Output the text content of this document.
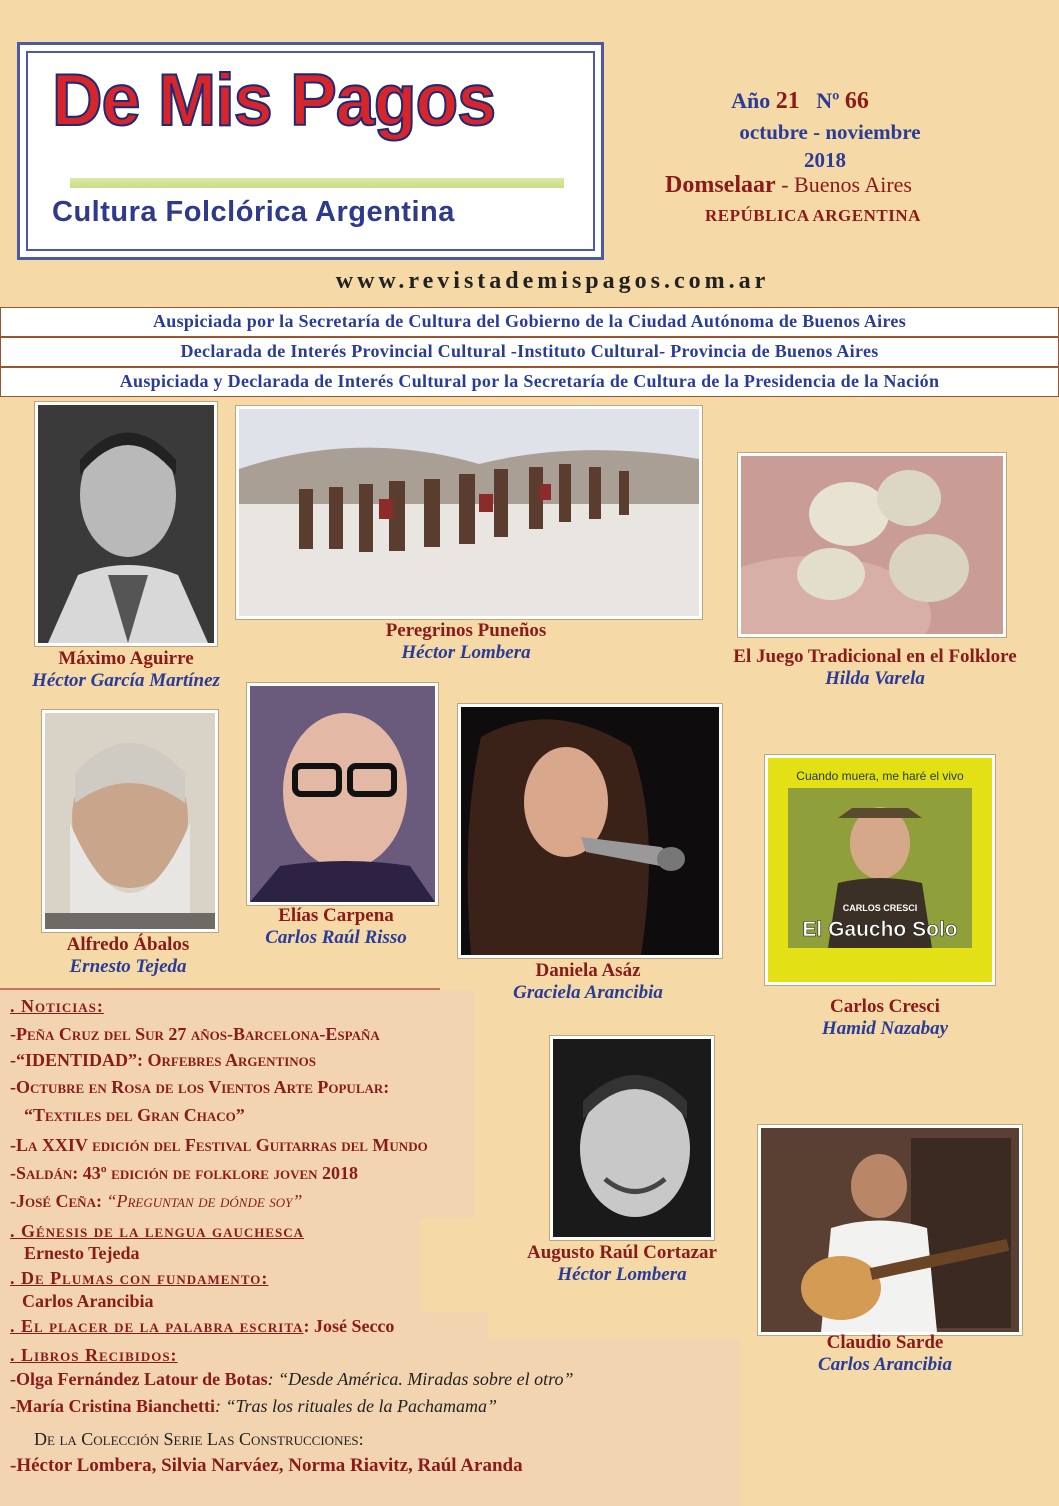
De Mis Pagos
Cultura Folclórica Argentina
Año 21 Nº 66
octubre - noviembre
2018
Domselaar - Buenos Aires
REPÚBLICA ARGENTINA
www.revistademispagos.com.ar
Auspiciada por la Secretaría de Cultura del Gobierno de la Ciudad Autónoma de Buenos Aires
Declarada de Interés Provincial Cultural -Instituto Cultural- Provincia de Buenos Aires
Auspiciada y Declarada de Interés Cultural por la Secretaría de Cultura de la Presidencia de la Nación
Cuando muera, me haré el vivo
CARLOS CRESCI
El Gaucho Solo
Máximo Aguirre
Héctor García Martínez
Peregrinos Puneños
Héctor Lombera	El Juego Tradicional en el Folklore
Hilda Varela
Alfredo Ábalos
Ernesto Tejeda
Elías Carpena
Carlos Raúl Risso
Daniela Asáz
Graciela Arancibia
Carlos Cresci
Hamid Nazabay
Augusto Raúl Cortazar
Héctor Lombera
Claudio Sarde
Carlos Arancibia
. Noticias:
-Peña Cruz del Sur 27 años-Barcelona-España
-“IDENTIDAD”: Orfebres Argentinos
-Octubre en Rosa de los Vientos Arte Popular:
“Textiles del Gran Chaco”
-La XXIV edición del Festival Guitarras del Mundo
-Saldán: 43º edición de folklore joven 2018
-José Ceña: “Preguntan de dónde soy”
. Génesis de la lengua gauchesca
Ernesto Tejeda
. De Plumas con fundamento:
Carlos Arancibia
. El placer de la palabra escrita: José Secco
. Libros Recibidos:
-Olga Fernández Latour de Botas: “Desde América. Miradas sobre el otro”
-María Cristina Bianchetti: “Tras los rituales de la Pachamama”
De la Colección Serie Las Construcciones:
-Héctor Lombera, Silvia Narváez, Norma Riavitz, Raúl Aranda
